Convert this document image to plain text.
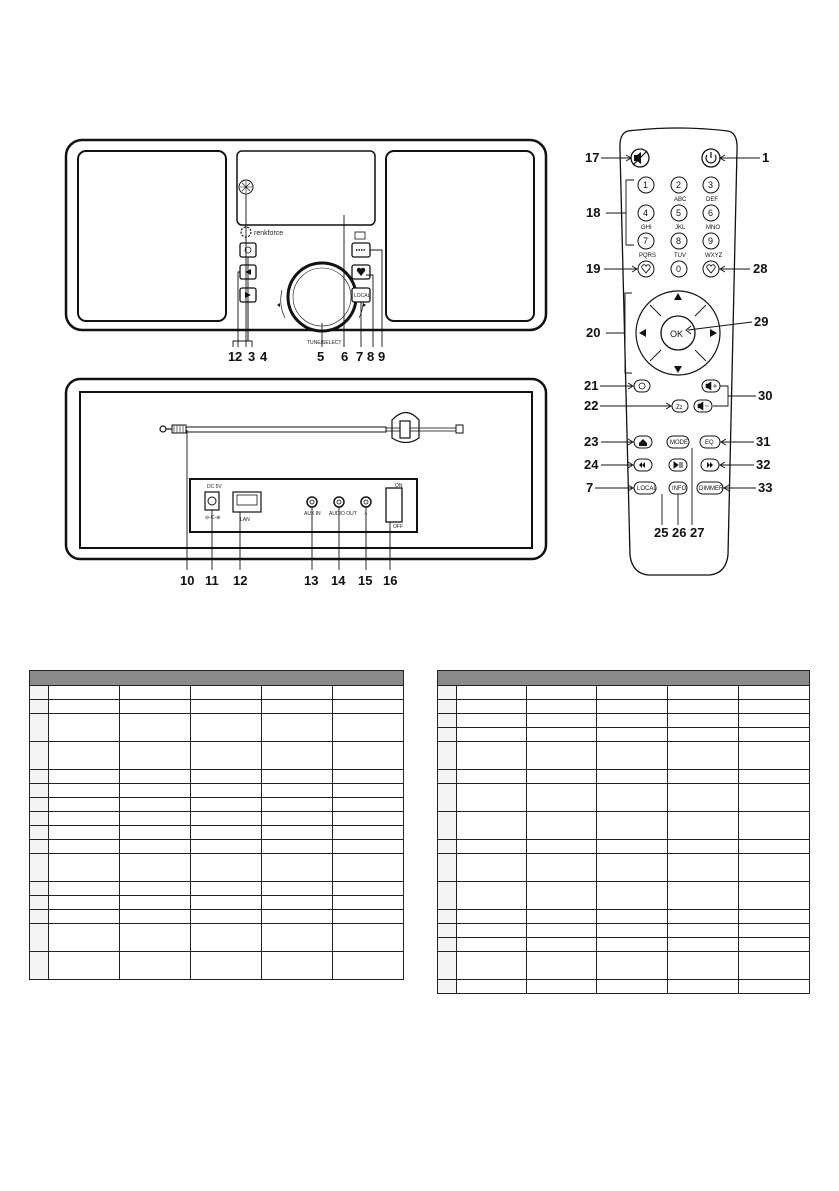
renkforce
TUNE/SELECT
LOCAL
1 2 3 4	5 6 7 8 9
DC 5V
⊖-C-⊕	LAN
AUX IN AUDIO OUT ∩
ON
OFF
10 11 12	13 14 15 16
1	2
ABC
3
DEF
4
GHI
5
JKL
6
MNO
7
PQRS
8
TUV
9
WXYZ
0
OK
Zz
MODE	EQ
LOCAL	INFO DIMMER
17
18
19
20
21
22
23
24
7
1
28
29
30
31
32
33
25 26 27
